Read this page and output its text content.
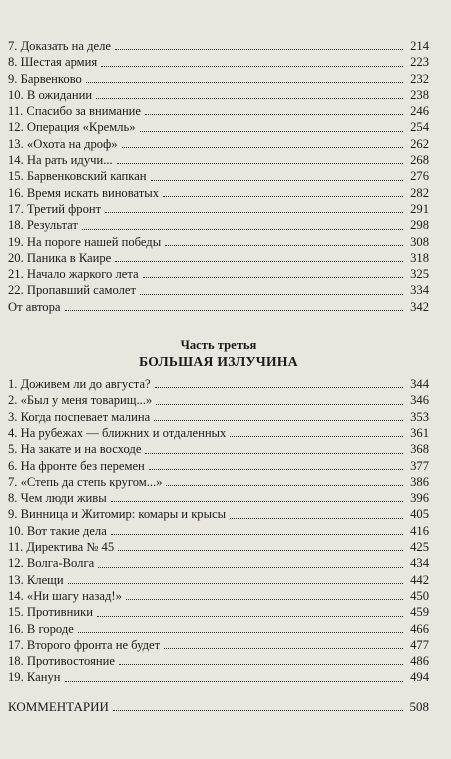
7. Доказать на деле	214
8. Шестая армия	223
9. Барвенково	232
10. В ожидании	238
11. Спасибо за внимание	246
12. Операция «Кремль»	254
13. «Охота на дроф»	262
14. На рать идучи...	268
15. Барвенковский капкан	276
16. Время искать виноватых	282
17. Третий фронт	291
18. Результат	298
19. На пороге нашей победы	308
20. Паника в Каире	318
21. Начало жаркого лета	325
22. Пропавший самолет	334
От автора	342
Часть третья
БОЛЬШАЯ ИЗЛУЧИНА
1. Доживем ли до августа?	344
2. «Был у меня товарищ...»	346
3. Когда поспевает малина	353
4. На рубежах — ближних и отдаленных	361
5. На закате и на восходе	368
6. На фронте без перемен	377
7. «Степь да степь кругом...»	386
8. Чем люди живы	396
9. Винница и Житомир: комары и крысы	405
10. Вот такие дела	416
11. Директива № 45	425
12. Волга-Волга	434
13. Клещи	442
14. «Ни шагу назад!»	450
15. Противники	459
16. В городе	466
17. Второго фронта не будет	477
18. Противостояние	486
19. Канун	494
КОММЕНТАРИИ	508
